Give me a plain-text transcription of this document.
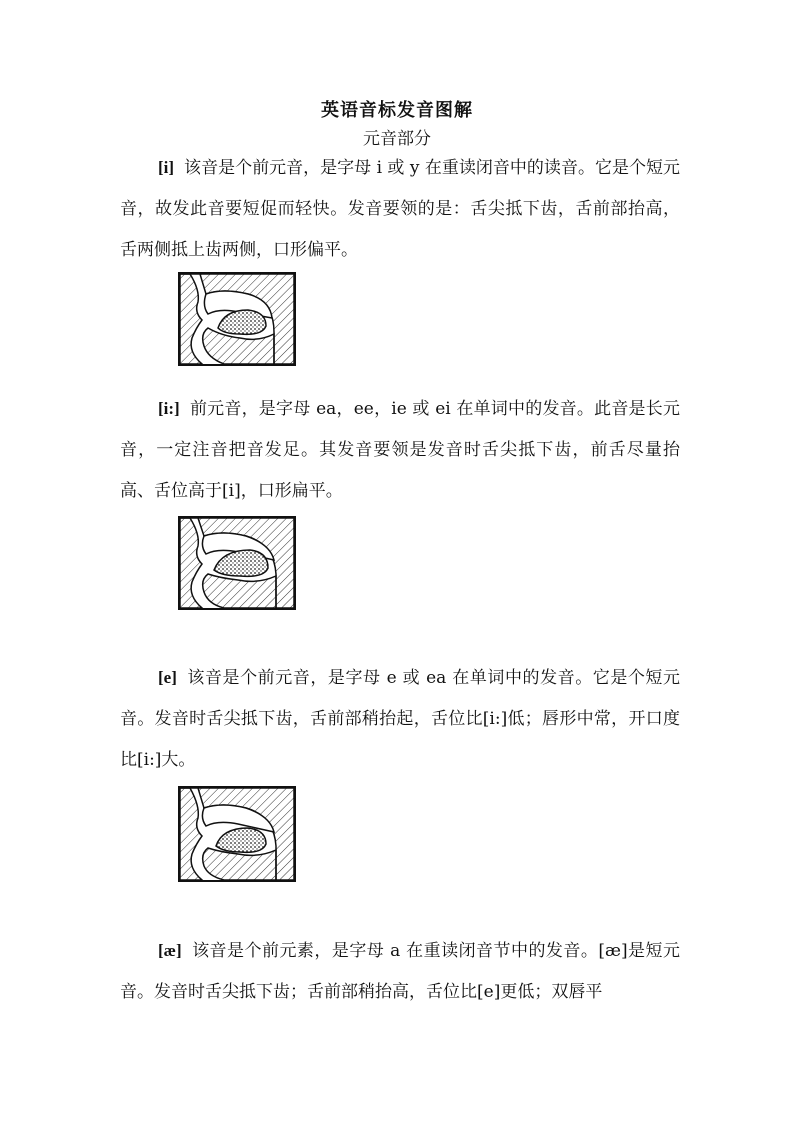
英语音标发音图解
元音部分
[i] 该音是个前元音，是字母 i 或 y 在重读闭音中的读音。它是个短元音，故发此音要短促而轻快。发音要领的是：舌尖抵下齿，舌前部抬高，舌两侧抵上齿两侧，口形偏平。
[i:] 前元音，是字母 ea，ee，ie 或 ei 在单词中的发音。此音是长元音，一定注音把音发足。其发音要领是发音时舌尖抵下齿，前舌尽量抬高、舌位高于[i]，口形扁平。
[e] 该音是个前元音，是字母 e 或 ea 在单词中的发音。它是个短元音。发音时舌尖抵下齿，舌前部稍抬起，舌位比[i:]低；唇形中常，开口度比[i:]大。
[æ] 该音是个前元素，是字母 a 在重读闭音节中的发音。[æ]是短元音。发音时舌尖抵下齿；舌前部稍抬高，舌位比[e]更低；双唇平
